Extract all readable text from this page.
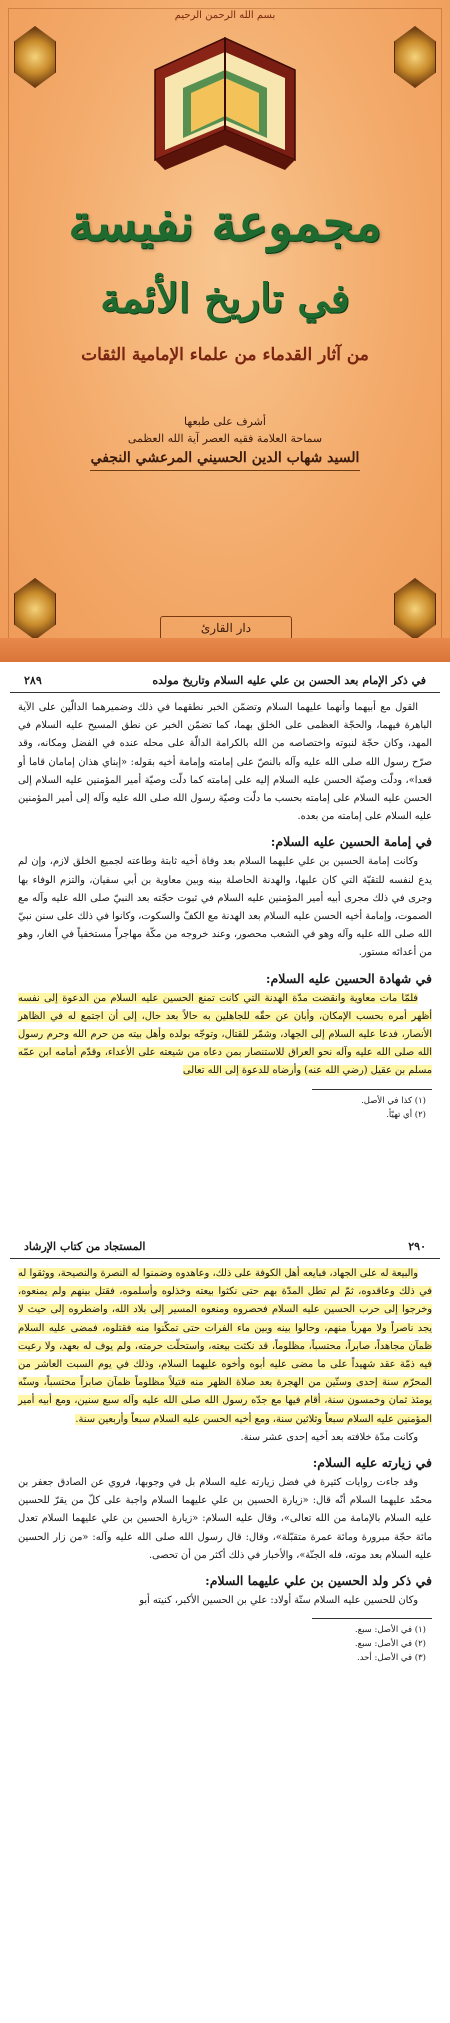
بسم الله الرحمن الرحيم
مجموعة نفيسة
في تاريخ الأئمة
من آثار القدماء من علماء الإمامية الثقات
أشرف على طبعها
سماحة العلامة فقيه العصر آية الله العظمى
السيد شهاب الدين الحسيني المرعشي النجفي
دار القارئ
في ذكر الإمام بعد الحسن بن علي عليه السلام وتاريخ مولده
٢٨٩

القول مع أبيهما وأنهما عليهما السلام وتضمّن الخبر نطقهما في ذلك وضميرهما الدالّين على الآية الباهرة فيهما، والحجّة العظمى على الخلق بهما، كما تضمّن الخبر عن نطق المسيح عليه السلام في المهد، وكان حجّة لنبوته واختصاصه من الله بالكرامة الدالّة على محله عنده في الفضل ومكانه، وقد صرّح رسول الله صلى الله عليه وآله بالنصّ على إمامته وإمامة أخيه بقوله: «إبناي هذان إمامان قاما أو قعدا»، ودلّت وصيّة الحسن عليه السلام إليه على إمامته كما دلّت وصيّة أمير المؤمنين عليه السلام إلى الحسن عليه السلام على إمامته بحسب ما دلّت وصيّة رسول الله صلى الله عليه وآله إلى أمير المؤمنين عليه السلام على إمامته من بعده.

في إمامة الحسين عليه السلام:

وكانت إمامة الحسين بن علي عليهما السلام بعد وفاة أخيه ثابتة وطاعته لجميع الخلق لازم، وإن لم يدع لنفسه للتقيّة التي كان عليها، والهدنة الحاصلة بينه وبين معاوية بن أبي سفيان، والتزم الوفاء بها وجرى في ذلك مجرى أبيه أمير المؤمنين عليه السلام في ثبوت حجّته بعد النبيّ صلى الله عليه وآله مع الصموت، وإمامة أخيه الحسن عليه السلام بعد الهدنة مع الكفّ والسكوت، وكانوا في ذلك على سنن نبيّ الله صلى الله عليه وآله وهو في الشعب محصور، وعند خروجه من مكّة مهاجراً مستخفياً في الغار، وهو من أعدائه مستور.

في شهادة الحسين عليه السلام:

فلمّا مات معاوية وانقضت مدّة الهدنة التي كانت تمنع الحسين عليه السلام من الدعوة إلى نفسه أظهر أمره بحسب الإمكان، وأبان عن حقّه للجاهلين به حالاً بعد حال، إلى أن اجتمع له في الظاهر الأنصار، فدعا عليه السلام إلى الجهاد، وشمّر للقتال، وتوجّه بولده وأهل بيته من حرم الله وحرم رسول الله صلى الله عليه وآله نحو العراق للاستنصار بمن دعاه من شيعته على الأعداء، وقدّم أمامه ابن عمّه مسلم بن عقيل (رضي الله عنه) وأرضاه للدعوة إلى الله تعالى

(١) كذا في الأصل.
(٢) أي تهيّأ.
٢٩٠
المستجاد من كتاب الإرشاد

والبيعة له على الجهاد، فبايعه أهل الكوفة على ذلك، وعاهدوه وضمنوا له النصرة والنصيحة، ووثقوا له في ذلك وعاقدوه، ثمّ لم تطل المدّة بهم حتى نكثوا بيعته وخذلوه وأسلموه، فقتل بينهم ولم يمنعوه، وخرجوا إلى حرب الحسين عليه السلام فحصروه ومنعوه المسير إلى بلاد الله، واضطروه إلى حيث لا يجد ناصراً ولا مهرباً منهم، وحالوا بينه وبين ماء الفرات حتى تمكّنوا منه فقتلوه، فمضى عليه السلام ظمآن مجاهداً، صابراً، محتسباً، مظلوماً، قد نكثت بيعته، واستحلّت حرمته، ولم يوف له بعهد، ولا رعيت فيه ذمّة عقد شهيداً على ما مضى عليه أبوه وأخوه عليهما السلام، وذلك في يوم السبت العاشر من المحرّم سنة إحدى وستّين من الهجرة بعد صلاة الظهر منه قتيلاً مظلوماً ظمآن صابراً محتسباً، وسنّه يومئذ ثمان وخمسون سنة، أقام فيها مع جدّه رسول الله صلى الله عليه وآله سبع سنين، ومع أبيه أمير المؤمنين عليه السلام سبعاً وثلاثين سنة، ومع أخيه الحسن عليه السلام سبعاً وأربعين سنة.

وكانت مدّة خلافته بعد أخيه إحدى عشر سنة.

في زيارته عليه السلام:

وقد جاءت روايات كثيرة في فضل زيارته عليه السلام بل في وجوبها، فروي عن الصادق جعفر بن محمّد عليهما السلام أنّه قال: «زيارة الحسين بن علي عليهما السلام واجبة على كلّ من يقرّ للحسين عليه السلام بالإمامة من الله تعالى»، وقال عليه السلام: «زيارة الحسين بن علي عليهما السلام تعدل مائة حجّة مبرورة ومائة عمرة متقبّلة»، وقال: قال رسول الله صلى الله عليه وآله: «من زار الحسين عليه السلام بعد موته، فله الجنّة»، والأخبار في ذلك أكثر من أن تحصى.

في ذكر ولد الحسين بن علي عليهما السلام:

وكان للحسين عليه السلام ستّة أولاد: علي بن الحسين الأكبر، كنيته أبو

(١) في الأصل: سبع.
(٢) في الأصل: سبع.
(٣) في الأصل: أحد.
